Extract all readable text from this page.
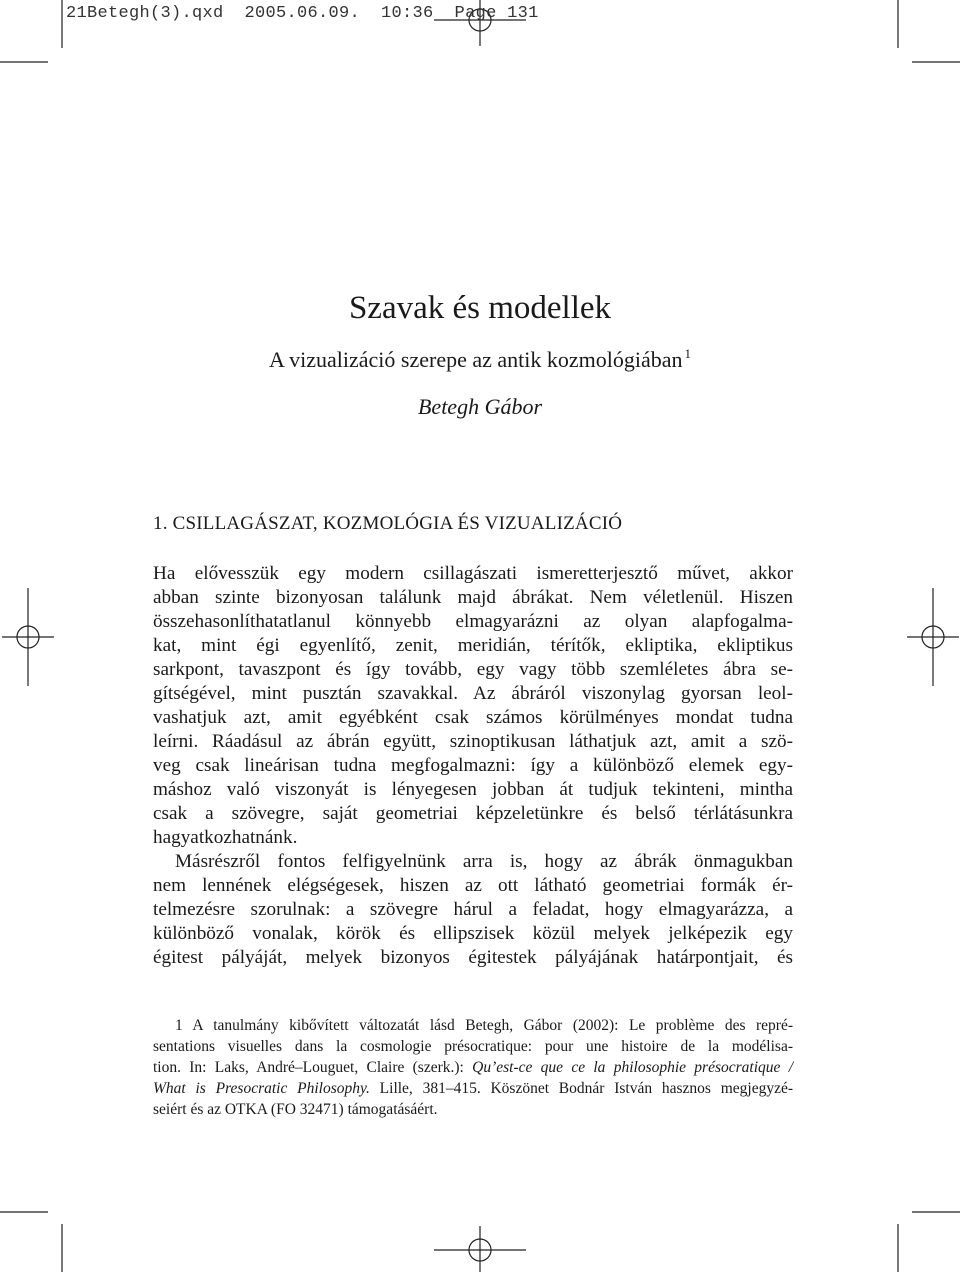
21Betegh(3).qxd  2005.06.09.  10:36  Page 131
Szavak és modellek
A vizualizáció szerepe az antik kozmológiában $^1$
Betegh Gábor
1. CSILLAGÁSZAT, KOZMOLÓGIA ÉS VIZUALIZÁCIÓ
Ha elővesszük egy modern csillagászati ismeretterjesztő művet, akkor
abban szinte bizonyosan találunk majd ábrákat. Nem véletlenül. Hiszen
összehasonlíthatatlanul könnyebb elmagyarázni az olyan alapfogalma-
kat, mint égi egyenlítő, zenit, meridián, térítők, ekliptika, ekliptikus
sarkpont, tavaszpont és így tovább, egy vagy több szemléletes ábra se-
gítségével, mint pusztán szavakkal. Az ábráról viszonylag gyorsan leol-
vashatjuk azt, amit egyébként csak számos körülményes mondat tudna
leírni. Ráadásul az ábrán együtt, szinoptikusan láthatjuk azt, amit a szö-
veg csak lineárisan tudna megfogalmazni: így a különböző elemek egy-
máshoz való viszonyát is lényegesen jobban át tudjuk tekinteni, mintha
csak a szövegre, saját geometriai képzeletünkre és belső térlátásunkra
hagyatkozhatnánk.
Másrészről fontos felfigyelnünk arra is, hogy az ábrák önmagukban
nem lennének elégségesek, hiszen az ott látható geometriai formák ér-
telmezésre szorulnak: a szövegre hárul a feladat, hogy elmagyarázza, a
különböző vonalak, körök és ellipszisek közül melyek jelképezik egy
égitest pályáját, melyek bizonyos égitestek pályájának határpontjait, és
1 A tanulmány kibővített változatát lásd Betegh, Gábor (2002): Le problème des repré-
sentations visuelles dans la cosmologie présocratique: pour une histoire de la modélisa-
tion. In: Laks, André–Louguet, Claire (szerk.): Qu’est-ce que ce la philosophie présocratique /
What is Presocratic Philosophy. Lille, 381–415. Köszönet Bodnár István hasznos megjegyzé-
seiért és az OTKA (FO 32471) támogatásáért.
